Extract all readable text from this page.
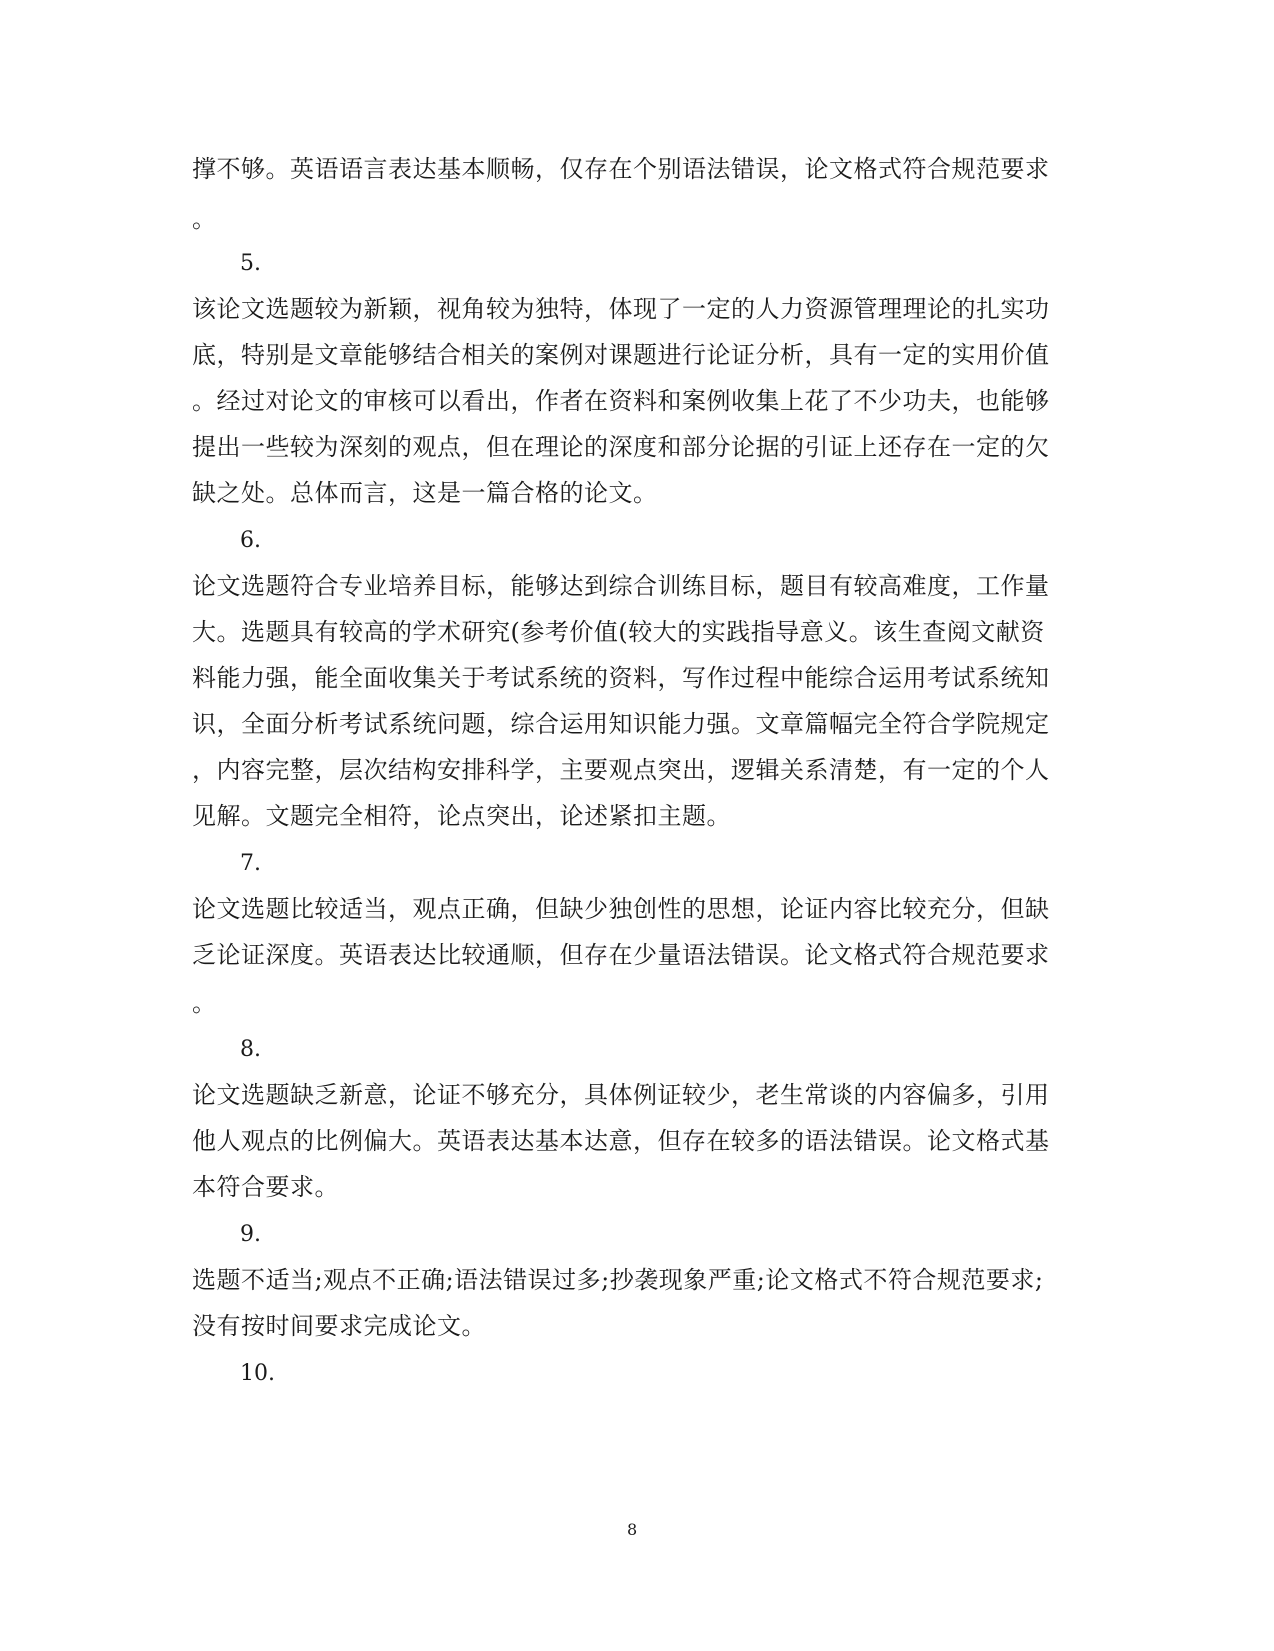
撑不够。英语语言表达基本顺畅，仅存在个别语法错误，论文格式符合规范要求
。
5.
该论文选题较为新颖，视角较为独特，体现了一定的人力资源管理理论的扎实功
底，特别是文章能够结合相关的案例对课题进行论证分析，具有一定的实用价值
。经过对论文的审核可以看出，作者在资料和案例收集上花了不少功夫，也能够
提出一些较为深刻的观点，但在理论的深度和部分论据的引证上还存在一定的欠
缺之处。总体而言，这是一篇合格的论文。
6.
论文选题符合专业培养目标，能够达到综合训练目标，题目有较高难度，工作量
大。选题具有较高的学术研究(参考价值(较大的实践指导意义。该生查阅文献资
料能力强，能全面收集关于考试系统的资料，写作过程中能综合运用考试系统知
识，全面分析考试系统问题，综合运用知识能力强。文章篇幅完全符合学院规定
，内容完整，层次结构安排科学，主要观点突出，逻辑关系清楚，有一定的个人
见解。文题完全相符，论点突出，论述紧扣主题。
7.
论文选题比较适当，观点正确，但缺少独创性的思想，论证内容比较充分，但缺
乏论证深度。英语表达比较通顺，但存在少量语法错误。论文格式符合规范要求
。
8.
论文选题缺乏新意，论证不够充分，具体例证较少，老生常谈的内容偏多，引用
他人观点的比例偏大。英语表达基本达意，但存在较多的语法错误。论文格式基
本符合要求。
9.
选题不适当;观点不正确;语法错误过多;抄袭现象严重;论文格式不符合规范要求;
没有按时间要求完成论文。
10.
8
